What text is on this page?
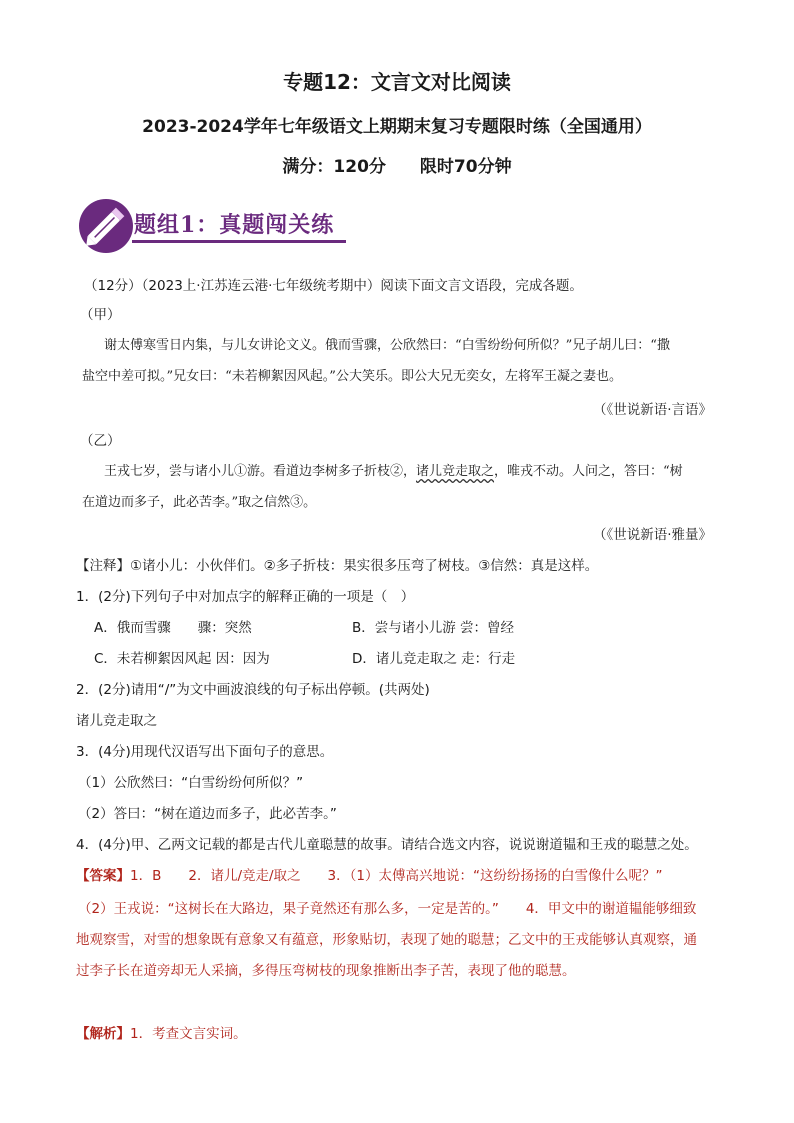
专题12：文言文对比阅读
2023-2024学年七年级语文上期期末复习专题限时练（全国通用）
满分：120分　　限时70分钟
题组1：真题闯关练
（12分）（2023上·江苏连云港·七年级统考期中）阅读下面文言文语段，完成各题。
（甲）
谢太傅寒雪日内集，与儿女讲论文义。俄而雪骤，公欣然曰：“白雪纷纷何所似？”兄子胡儿曰：“撒
盐空中差可拟。”兄女曰：“未若柳絮因风起。”公大笑乐。即公大兄无奕女，左将军王凝之妻也。
（《世说新语·言语》
（乙）
王戎七岁，尝与诸小儿①游。看道边李树多子折枝②，诸儿竞走取之，唯戎不动。人问之，答曰：“树
在道边而多子，此必苦李。”取之信然③。
（《世说新语·雅量》
【注释】①诸小儿：小伙伴们。②多子折枝：果实很多压弯了树枝。③信然：真是这样。
1．(2分)下列句子中对加点字的解释正确的一项是（　）
A．俄而雪骤　　骤：突然	B．尝与诸小儿游 尝：曾经
C．未若柳絮因风起 因：因为	D．诸儿竞走取之 走：行走
2．(2分)请用“/”为文中画波浪线的句子标出停顿。(共两处)
诸儿竞走取之
3．(4分)用现代汉语写出下面句子的意思。
（1）公欣然曰：“白雪纷纷何所似？”
（2）答曰：“树在道边而多子，此必苦李。”
4．(4分)甲、乙两文记载的都是古代儿童聪慧的故事。请结合选文内容，说说谢道韫和王戎的聪慧之处。
【答案】1．B　　2．诸儿/竞走/取之　　3．（1）太傅高兴地说：“这纷纷扬扬的白雪像什么呢？”
（2）王戎说：“这树长在大路边，果子竟然还有那么多，一定是苦的。”　　4．甲文中的谢道韫能够细致
地观察雪，对雪的想象既有意象又有蕴意，形象贴切，表现了她的聪慧；乙文中的王戎能够认真观察，通
过李子长在道旁却无人采摘，多得压弯树枝的现象推断出李子苦，表现了他的聪慧。
【解析】1．考查文言实词。
